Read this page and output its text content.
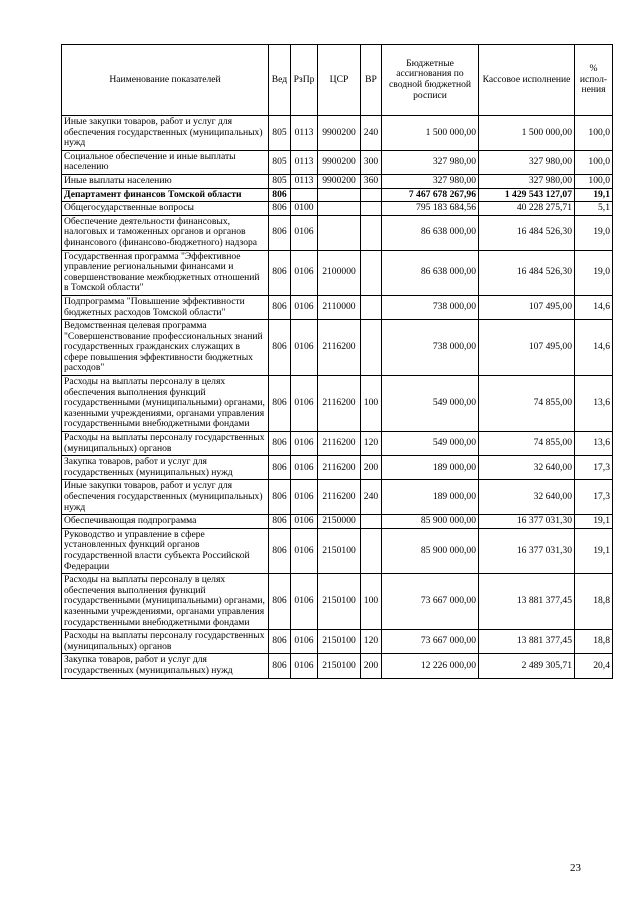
Наименование показателей	Вед	РзПр	ЦСР	ВР	Бюджетные ассигнования по сводной бюджетной росписи	Кассовое исполнение	% испол-нения
Иные закупки товаров, работ и услуг для обеспечения государственных (муниципальных) нужд	805	0113	9900200	240	1 500 000,00	1 500 000,00	100,0
Социальное обеспечение и иные выплаты населению	805	0113	9900200	300	327 980,00	327 980,00	100,0
Иные выплаты населению	805	0113	9900200	360	327 980,00	327 980,00	100,0
Департамент финансов Томской области	806				7 467 678 267,96	1 429 543 127,07	19,1
Общегосударственные вопросы	806	0100			795 183 684,56	40 228 275,71	5,1
Обеспечение деятельности финансовых, налоговых и таможенных органов и органов финансового (финансово-бюджетного) надзора	806	0106			86 638 000,00	16 484 526,30	19,0
Государственная программа "Эффективное управление региональными финансами и совершенствование межбюджетных отношений в Томской области"	806	0106	2100000		86 638 000,00	16 484 526,30	19,0
Подпрограмма "Повышение эффективности бюджетных расходов Томской области"	806	0106	2110000		738 000,00	107 495,00	14,6
Ведомственная целевая программа "Совершенствование профессиональных знаний государственных гражданских служащих в сфере повышения эффективности бюджетных расходов"	806	0106	2116200		738 000,00	107 495,00	14,6
Расходы на выплаты персоналу в целях обеспечения выполнения функций государственными (муниципальными) органами, казенными учреждениями, органами управления государственными внебюджетными фондами	806	0106	2116200	100	549 000,00	74 855,00	13,6
Расходы на выплаты персоналу государственных (муниципальных) органов	806	0106	2116200	120	549 000,00	74 855,00	13,6
Закупка товаров, работ и услуг для государственных (муниципальных) нужд	806	0106	2116200	200	189 000,00	32 640,00	17,3
Иные закупки товаров, работ и услуг для обеспечения государственных (муниципальных) нужд	806	0106	2116200	240	189 000,00	32 640,00	17,3
Обеспечивающая подпрограмма	806	0106	2150000		85 900 000,00	16 377 031,30	19,1
Руководство и управление в сфере установленных функций органов государственной власти субъекта Российской Федерации	806	0106	2150100		85 900 000,00	16 377 031,30	19,1
Расходы на выплаты персоналу в целях обеспечения выполнения функций государственными (муниципальными) органами, казенными учреждениями, органами управления государственными внебюджетными фондами	806	0106	2150100	100	73 667 000,00	13 881 377,45	18,8
Расходы на выплаты персоналу государственных (муниципальных) органов	806	0106	2150100	120	73 667 000,00	13 881 377,45	18,8
Закупка товаров, работ и услуг для государственных (муниципальных) нужд	806	0106	2150100	200	12 226 000,00	2 489 305,71	20,4
23
